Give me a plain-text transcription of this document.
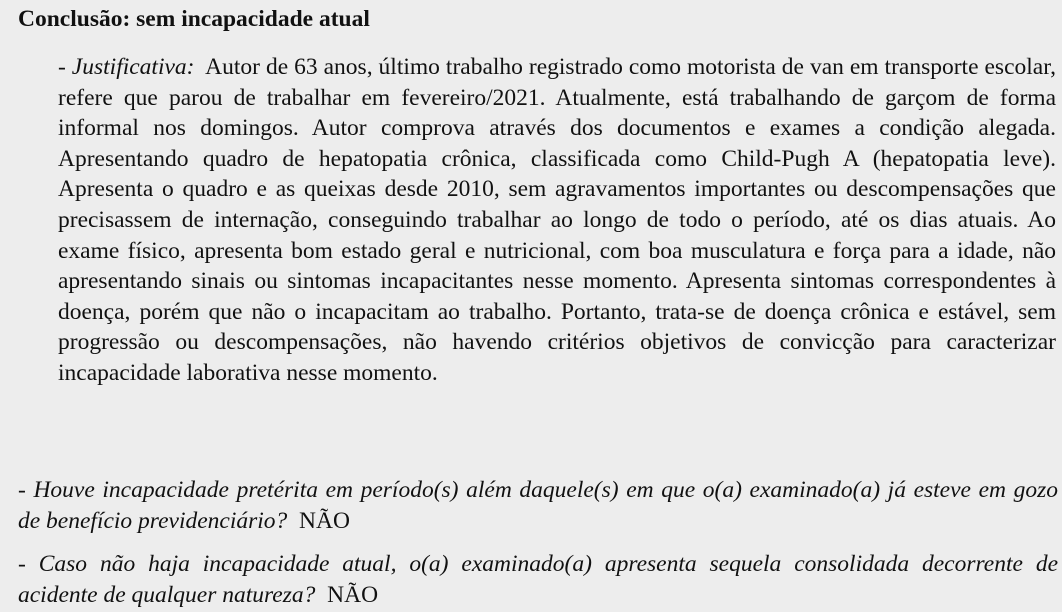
Conclusão: sem incapacidade atual
- Justificativa: Autor de 63 anos, último trabalho registrado como motorista de van em transporte escolar, refere que parou de trabalhar em fevereiro/2021. Atualmente, está trabalhando de garçom de forma informal nos domingos. Autor comprova através dos documentos e exames a condição alegada. Apresentando quadro de hepatopatia crônica, classificada como Child-Pugh A (hepatopatia leve). Apresenta o quadro e as queixas desde 2010, sem agravamentos importantes ou descompensações que precisassem de internação, conseguindo trabalhar ao longo de todo o período, até os dias atuais. Ao exame físico, apresenta bom estado geral e nutricional, com boa musculatura e força para a idade, não apresentando sinais ou sintomas incapacitantes nesse momento. Apresenta sintomas correspondentes à doença, porém que não o incapacitam ao trabalho. Portanto, trata-se de doença crônica e estável, sem progressão ou descompensações, não havendo critérios objetivos de convicção para caracterizar incapacidade laborativa nesse momento.
- Houve incapacidade pretérita em período(s) além daquele(s) em que o(a) examinado(a) já esteve em gozo de benefício previdenciário? NÃO
- Caso não haja incapacidade atual, o(a) examinado(a) apresenta sequela consolidada decorrente de acidente de qualquer natureza? NÃO
